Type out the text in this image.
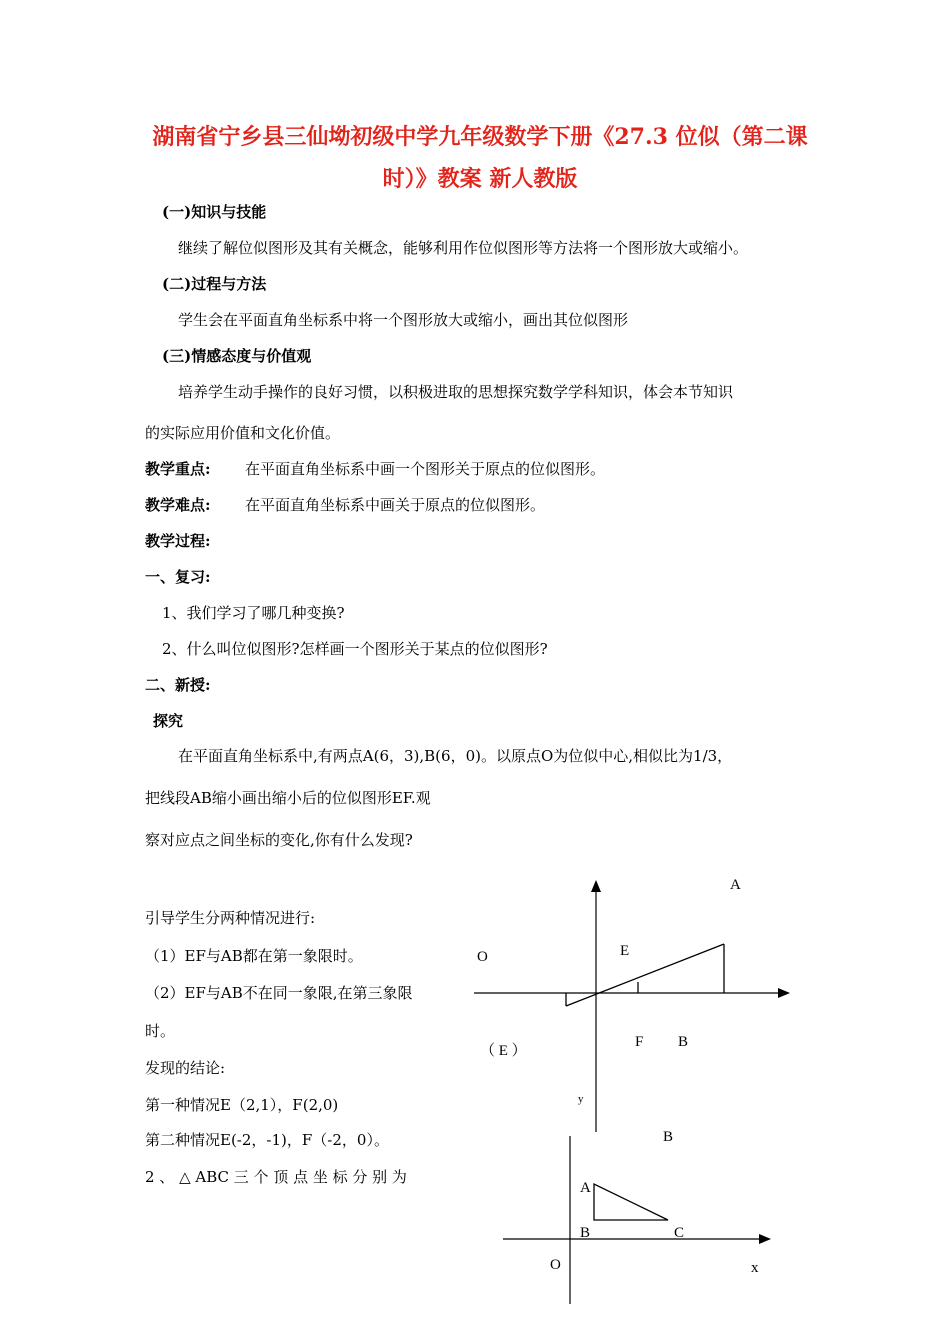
湖南省宁乡县三仙坳初级中学九年级数学下册《27.3 位似（第二课时）》教案 新人教版
(一)知识与技能
继续了解位似图形及其有关概念，能够利用作位似图形等方法将一个图形放大或缩小。
(二)过程与方法
学生会在平面直角坐标系中将一个图形放大或缩小，画出其位似图形
(三)情感态度与价值观
培养学生动手操作的良好习惯，以积极进取的思想探究数学学科知识，体会本节知识
的实际应用价值和文化价值。
教学重点: 在平面直角坐标系中画一个图形关于原点的位似图形。
教学难点: 在平面直角坐标系中画关于原点的位似图形。
教学过程:
一、复习:
1、我们学习了哪几种变换?
2、什么叫位似图形?怎样画一个图形关于某点的位似图形?
二、新授:
探究
在平面直角坐标系中,有两点A(6，3),B(6，0)。以原点O为位似中心,相似比为1/3，
把线段AB缩小画出缩小后的位似图形EF.观
察对应点之间坐标的变化,你有什么发现?
引导学生分两种情况进行:
（1）EF与AB都在第一象限时。
（2）EF与AB不在同一象限,在第三象限
时。
发现的结论:
第一种情况E（2,1），F(2,0)
第二种情况E(-2，-1)，F（-2，0）。
2 、 △ ABC 三 个 顶 点 坐 标 分 别 为
A
O	E
（ E ）
F B
y
B
A
B	C
O	x
